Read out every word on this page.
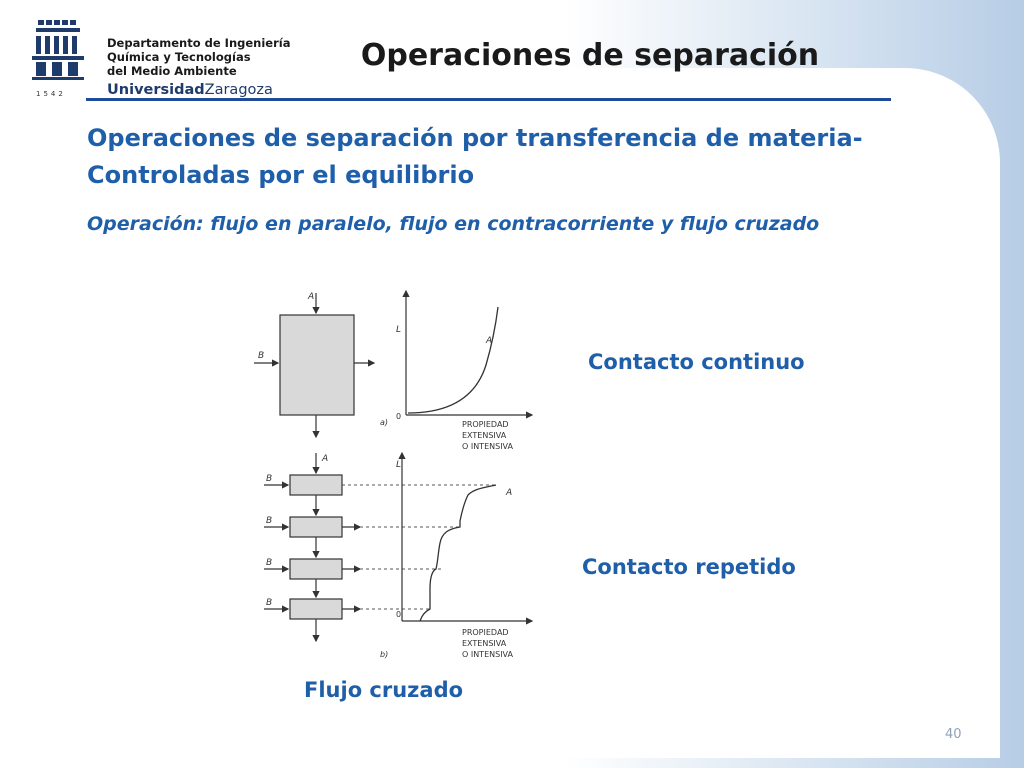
1542
Departamento de Ingeniería
Química y Tecnologías
del Medio Ambiente
UniversidadZaragoza
Operaciones de separación
Operaciones de separación por transferencia de materia- Controladas por el equilibrio
Operación: flujo en paralelo, flujo en contracorriente y flujo cruzado
A
B
L
0
A
a)	PROPIEDAD
EXTENSIVA
O INTENSIVA
A
B
B
B
B
L
0
A
b)
PROPIEDAD
EXTENSIVA
O INTENSIVA
Contacto continuo
Contacto repetido
Flujo cruzado
40
